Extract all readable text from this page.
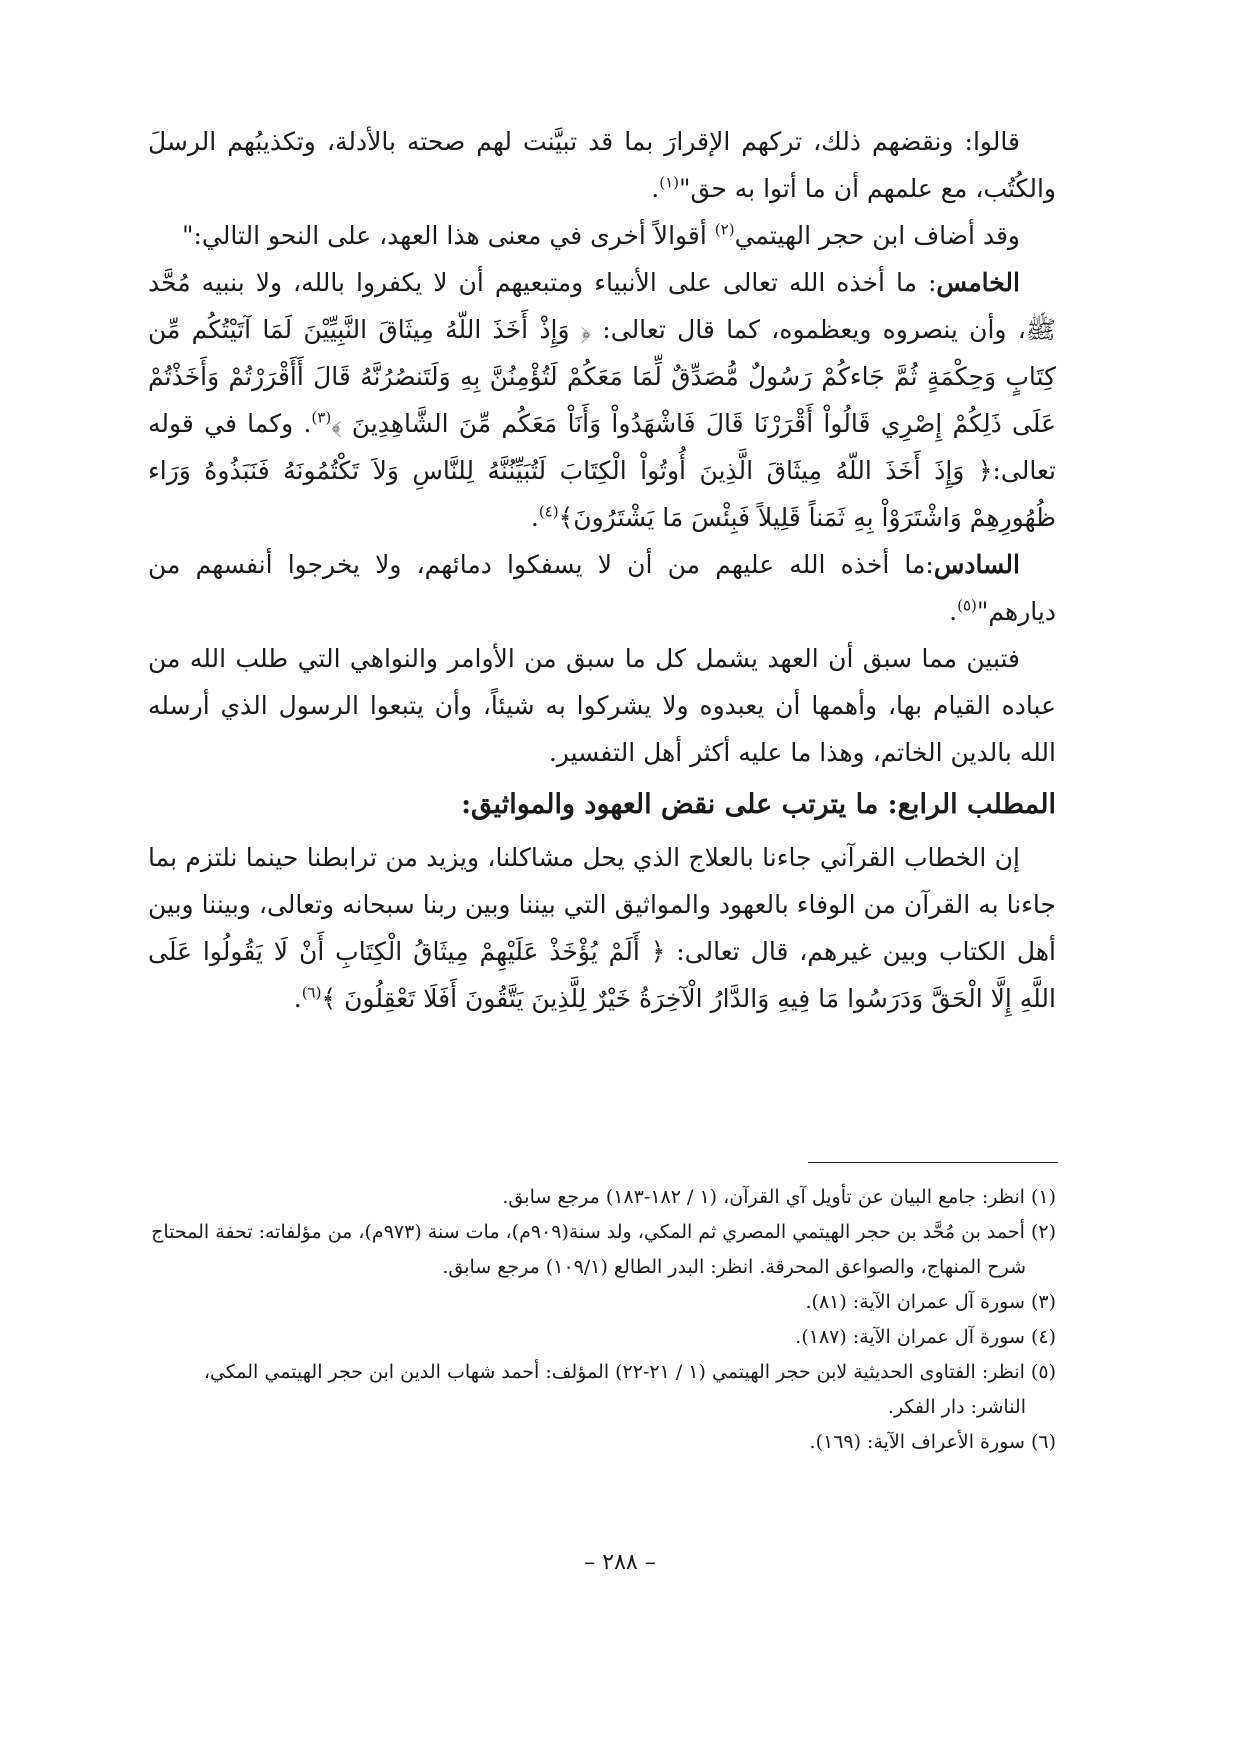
قالوا: ونقضهم ذلك، تركهم الإقرارَ بما قد تبيَّنت لهم صحته بالأدلة، وتكذيبُهم الرسلَ والكُتُب، مع علمهم أن ما أتوا به حق"$^{(١)}$.

وقد أضاف ابن حجر الهيتمي$^{(٢)}$ أقوالاً أخرى في معنى هذا العهد، على النحو التالي:"

الخامس: ما أخذه الله تعالى على الأنبياء ومتبعيهم أن لا يكفروا بالله، ولا بنبيه مُحَّد ﷺ، وأن ينصروه ويعظموه، كما قال تعالى: ﴿ وَإِذْ أَخَذَ اللّهُ مِيثَاقَ النَّبِيِّيْنَ لَمَا آتَيْتُكُم مِّن كِتَابٍ وَحِكْمَةٍ ثُمَّ جَاءكُمْ رَسُولٌ مُّصَدِّقٌ لِّمَا مَعَكُمْ لَتُؤْمِنُنَّ بِهِ وَلَتَنصُرُنَّهُ قَالَ أَأَقْرَرْتُمْ وَأَخَذْتُمْ عَلَى ذَلِكُمْ إِصْرِي قَالُواْ أَقْرَرْنَا قَالَ فَاشْهَدُواْ وَأَنَاْ مَعَكُم مِّنَ الشَّاهِدِينَ ﴾$^{(٣)}$. وكما في قوله تعالى:﴿ وَإِذَ أَخَذَ اللّهُ مِيثَاقَ الَّذِينَ أُوتُواْ الْكِتَابَ لَتُبَيِّنُنَّهُ لِلنَّاسِ وَلاَ تَكْتُمُونَهُ فَنَبَذُوهُ وَرَاء ظُهُورِهِمْ وَاشْتَرَوْاْ بِهِ ثَمَناً قَلِيلاً فَبِئْسَ مَا يَشْتَرُونَ﴾$^{(٤)}$.

السادس:ما أخذه الله عليهم من أن لا يسفكوا دمائهم، ولا يخرجوا أنفسهم من ديارهم"$^{(٥)}$.

فتبين مما سبق أن العهد يشمل كل ما سبق من الأوامر والنواهي التي طلب الله من عباده القيام بها، وأهمها أن يعبدوه ولا يشركوا به شيئاً، وأن يتبعوا الرسول الذي أرسله الله بالدين الخاتم، وهذا ما عليه أكثر أهل التفسير.

المطلب الرابع: ما يترتب على نقض العهود والمواثيق:

إن الخطاب القرآني جاءنا بالعلاج الذي يحل مشاكلنا، ويزيد من ترابطنا حينما نلتزم بما جاءنا به القرآن من الوفاء بالعهود والمواثيق التي بيننا وبين ربنا سبحانه وتعالى، وبيننا وبين أهل الكتاب وبين غيرهم، قال تعالى: ﴿ أَلَمْ يُؤْخَذْ عَلَيْهِمْ مِيثَاقُ الْكِتَابِ أَنْ لَا يَقُولُوا عَلَى اللَّهِ إِلَّا الْحَقَّ وَدَرَسُوا مَا فِيهِ وَالدَّارُ الْآخِرَةُ خَيْرٌ لِلَّذِينَ يَتَّقُونَ أَفَلَا تَعْقِلُونَ ﴾$^{(٦)}$.

(١) انظر: جامع البيان عن تأويل آي القرآن، (١ / ١٨٢-١٨٣) مرجع سابق.

(٢) أحمد بن مُحَّد بن حجر الهيتمي المصري ثم المكي، ولد سنة(٩٠٩م)، مات سنة (٩٧٣م)، من مؤلفاته: تحفة المحتاج

شرح المنهاج، والصواعق المحرقة. انظر: البدر الطالع (١٠٩/١) مرجع سابق.

(٣) سورة آل عمران الآية: (٨١).

(٤) سورة آل عمران الآية: (١٨٧).

(٥) انظر: الفتاوى الحديثية لابن حجر الهيتمي (١ / ٢١-٢٢) المؤلف: أحمد شهاب الدين ابن حجر الهيتمي المكي،

الناشر: دار الفكر.

(٦) سورة الأعراف الآية: (١٦٩).

– ٢٨٨ –
